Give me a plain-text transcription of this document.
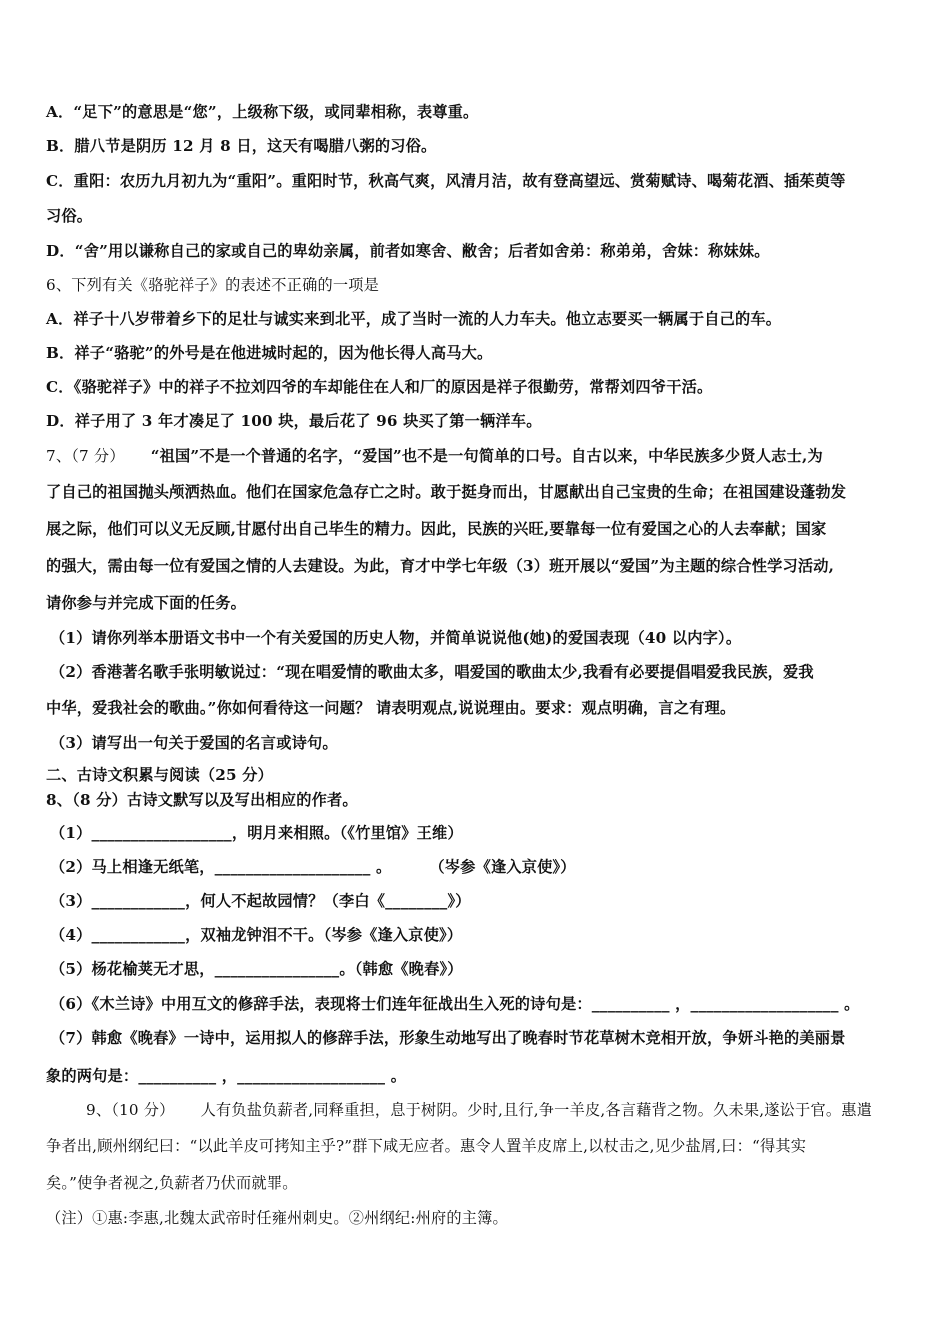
A．“足下”的意思是“您”，上级称下级，或同辈相称，表尊重。
B．腊八节是阴历 12 月 8 日，这天有喝腊八粥的习俗。
C．重阳：农历九月初九为“重阳”。重阳时节，秋高气爽，风清月洁，故有登高望远、赏菊赋诗、喝菊花酒、插茱萸等
习俗。
D．“舍”用以谦称自己的家或自己的卑幼亲属，前者如寒舍、敝舍；后者如舍弟：称弟弟，舍妹：称妹妹。
6、下列有关《骆驼祥子》的表述不正确的一项是
A．祥子十八岁带着乡下的足壮与诚实来到北平，成了当时一流的人力车夫。他立志要买一辆属于自己的车。
B．祥子“骆驼”的外号是在他进城时起的，因为他长得人高马大。
C．《骆驼祥子》中的祥子不拉刘四爷的车却能住在人和厂的原因是祥子很勤劳，常帮刘四爷干活。
D．祥子用了 3 年才凑足了 100 块，最后花了 96 块买了第一辆洋车。
7、（7 分） “祖国”不是一个普通的名字，“爱国”也不是一句简单的口号。自古以来，中华民族多少贤人志士,为
了自己的祖国抛头颅洒热血。他们在国家危急存亡之时。敢于挺身而出，甘愿献出自己宝贵的生命；在祖国建设蓬勃发
展之际，他们可以义无反顾,甘愿付出自己毕生的精力。因此，民族的兴旺,要靠每一位有爱国之心的人去奉献；国家
的强大，需由每一位有爱国之情的人去建设。为此，育才中学七年级（3）班开展以“爱国”为主题的综合性学习活动,
请你参与并完成下面的任务。
（1）请你列举本册语文书中一个有关爱国的历史人物，并简单说说他(她)的爱国表现（40 以内字）。
（2）香港著名歌手张明敏说过：“现在唱爱情的歌曲太多，唱爱国的歌曲太少,我看有必要提倡唱爱我民族，爱我
中华，爱我社会的歌曲。”你如何看待这一问题？ 请表明观点,说说理由。要求：观点明确，言之有理。
（3）请写出一句关于爱国的名言或诗句。
二、古诗文积累与阅读（25 分）
8、（8 分）古诗文默写以及写出相应的作者。
（1）__________________，明月来相照。（《竹里馆》王维）
（2）马上相逢无纸笔，____________________ 。	（岑参《逢入京使》）
（3）____________，何人不起故园情？（李白《________》）
（4）____________，双袖龙钟泪不干。（岑参《逢入京使》）
（5）杨花榆荚无才思，________________。（韩愈《晚春》）
（6）《木兰诗》中用互文的修辞手法，表现将士们连年征战出生入死的诗句是：__________ ，___________________ 。
（7）韩愈《晚春》一诗中，运用拟人的修辞手法，形象生动地写出了晚春时节花草树木竞相开放，争妍斗艳的美丽景
象的两句是：__________ ，___________________ 。
9、（10 分） 人有负盐负薪者,同释重担，息于树阴。少时,且行,争一羊皮,各言藉背之物。久未果,遂讼于官。惠遣
争者出,顾州纲纪曰：“以此羊皮可拷知主乎?”群下咸无应者。惠令人置羊皮席上,以杖击之,见少盐屑,曰：“得其实
矣。”使争者视之,负薪者乃伏而就罪。
（注）①惠:李惠,北魏太武帝时任雍州刺史。②州纲纪:州府的主簿。
